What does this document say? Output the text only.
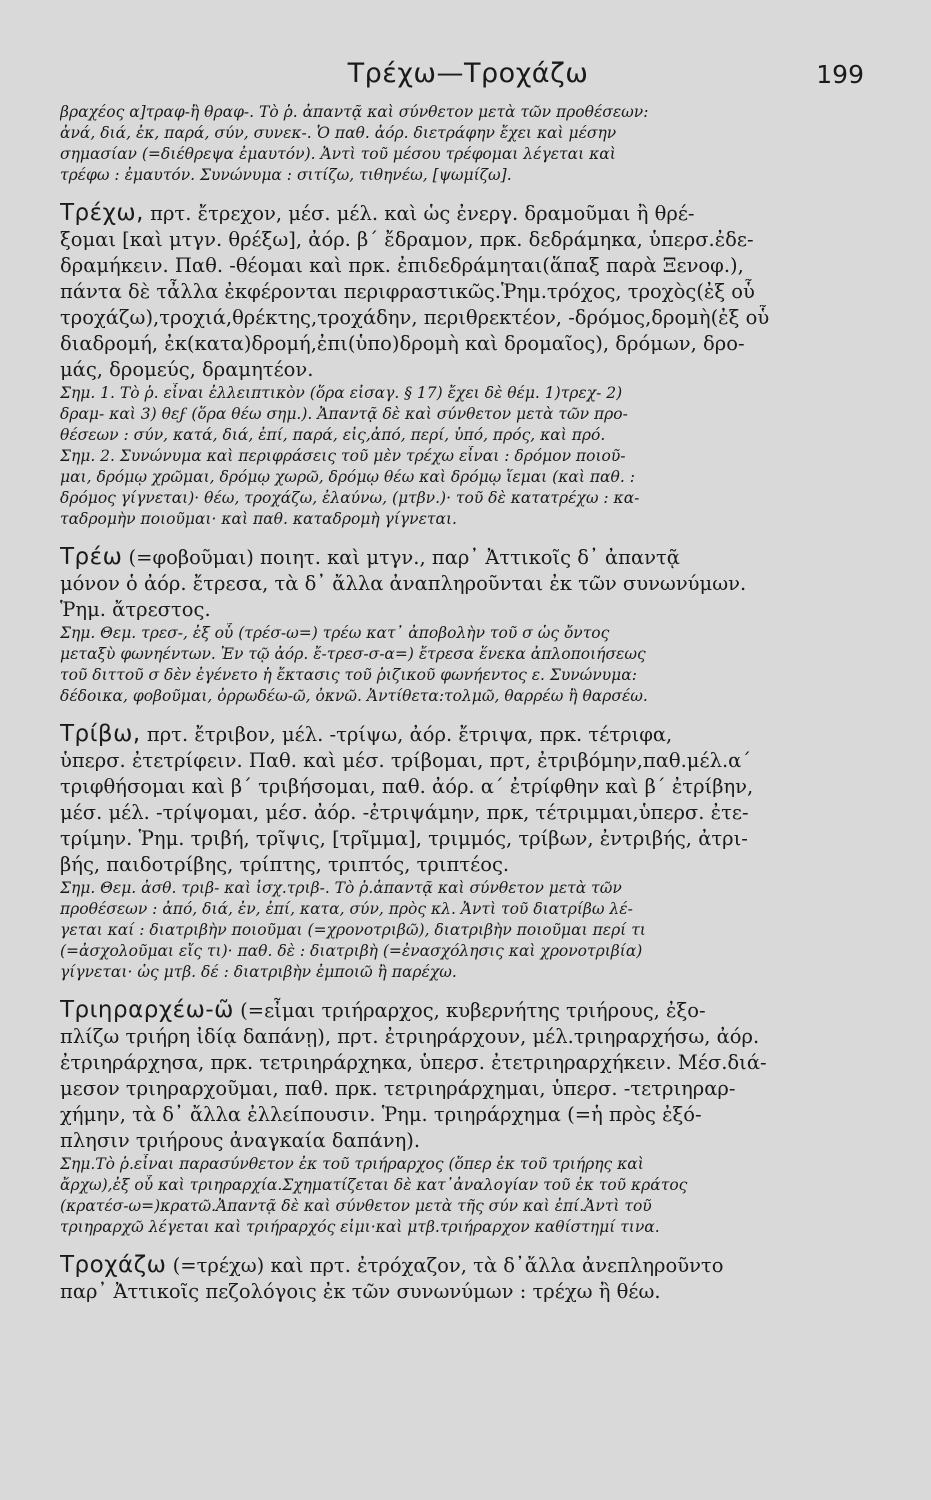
Τρέχω—Τροχάζω	199
βραχέος α]τραφ-ἢ θραφ-. Τὸ ῥ. ἀπαντᾷ καὶ σύνθετον μετὰ τῶν προθέσεων:
ἀνά, διά, ἐκ, παρά, σύν, συνεκ-. Ὁ παθ. ἀόρ. διετράφην ἔχει καὶ μέσην
σημασίαν (=διέθρεψα ἐμαυτόν). Ἀντὶ τοῦ μέσου τρέφομαι λέγεται καὶ
τρέφω : ἐμαυτόν. Συνώνυμα : σιτίζω, τιθηνέω, [ψωμίζω].
Τρέχω, πρτ. ἔτρεχον, μέσ. μέλ. καὶ ὡς ἐνεργ. δραμοῦμαι ἢ θρέ-
ξομαι [καὶ μτγν. θρέξω], ἀόρ. β΄ ἔδραμον, πρκ. δεδράμηκα, ὑπερσ.ἐδε-
δραμήκειν. Παθ. -θέομαι καὶ πρκ. ἐπιδεδράμηται(ἅπαξ παρὰ Ξενοφ.),
πάντα δὲ τἆλλα ἐκφέρονται περιφραστικῶς.Ῥημ.τρόχος, τροχὸς(ἐξ οὗ
τροχάζω),τροχιά,θρέκτης,τροχάδην, περιθρεκτέον, -δρόμος,δρομὴ(ἐξ οὗ
διαδρομή, ἐκ(κατα)δρομή,ἐπι(ὑπο)δρομὴ καὶ δρομαῖος), δρόμων, δρο-
μάς, δρομεύς, δραμητέον.
Σημ. 1. Τὸ ῥ. εἶναι ἐλλειπτικὸν (ὅρα εἰσαγ. § 17) ἔχει δὲ θέμ. 1)τρεχ- 2)
δραμ- καὶ 3) θεϝ (ὅρα θέω σημ.). Ἀπαντᾷ δὲ καὶ σύνθετον μετὰ τῶν προ-
θέσεων : σύν, κατά, διά, ἐπί, παρά, εἰς,ἀπό, περί, ὑπό, πρός, καὶ πρό.
Σημ. 2. Συνώνυμα καὶ περιφράσεις τοῦ μὲν τρέχω εἶναι : δρόμον ποιοῦ-
μαι, δρόμῳ χρῶμαι, δρόμῳ χωρῶ, δρόμῳ θέω καὶ δρόμῳ ἵεμαι (καὶ παθ. :
δρόμος γίγνεται)· θέω, τροχάζω, ἐλαύνω, (μτβν.)· τοῦ δὲ κατατρέχω : κα-
ταδρομὴν ποιοῦμαι· καὶ παθ. καταδρομὴ γίγνεται.
Τρέω (=φοβοῦμαι) ποιητ. καὶ μτγν., παρ᾿ Ἀττικοῖς δ᾿ ἀπαντᾷ
μόνον ὁ ἀόρ. ἔτρεσα, τὰ δ᾿ ἄλλα ἀναπληροῦνται ἐκ τῶν συνωνύμων.
Ῥημ. ἄτρεστος.
Σημ. Θεμ. τρεσ-, ἐξ οὗ (τρέσ-ω=) τρέω κατ᾿ ἀποβολὴν τοῦ σ ὡς ὄντος
μεταξὺ φωνηέντων. Ἐν τῷ ἀόρ. ἔ-τρεσ-σ-α=) ἔτρεσα ἕνεκα ἀπλοποιήσεως
τοῦ διττοῦ σ δὲν ἐγένετο ἡ ἔκτασις τοῦ ῥιζικοῦ φωνήεντος ε. Συνώνυμα:
δέδοικα, φοβοῦμαι, ὀρρωδέω-ῶ, ὀκνῶ. Ἀντίθετα:τολμῶ, θαρρέω ἢ θαρσέω.
Τρίβω, πρτ. ἔτριβον, μέλ. -τρίψω, ἀόρ. ἔτριψα, πρκ. τέτριφα,
ὑπερσ. ἐτετρίφειν. Παθ. καὶ μέσ. τρίβομαι, πρτ, ἐτριβόμην,παθ.μέλ.α΄
τριφθήσομαι καὶ β΄ τριβήσομαι, παθ. ἀόρ. α΄ ἐτρίφθην καὶ β΄ ἐτρίβην,
μέσ. μέλ. -τρίψομαι, μέσ. ἀόρ. -ἐτριψάμην, πρκ, τέτριμμαι,ὑπερσ. ἐτε-
τρίμην. Ῥημ. τριβή, τρῖψις, [τρῖμμα], τριμμός, τρίβων, ἐντριβής, ἀτρι-
βής, παιδοτρίβης, τρίπτης, τριπτός, τριπτέος.
Σημ. Θεμ. ἀσθ. τριβ- καὶ ἰσχ.τριβ-. Τὸ ῥ.ἀπαντᾷ καὶ σύνθετον μετὰ τῶν
προθέσεων : ἀπό, διά, ἐν, ἐπί, κατα, σύν, πρὸς κλ. Ἀντὶ τοῦ διατρίβω λέ-
γεται καί : διατριβὴν ποιοῦμαι (=χρονοτριβῶ), διατριβὴν ποιοῦμαι περί τι
(=ἀσχολοῦμαι εἴς τι)· παθ. δὲ : διατριβὴ (=ἐνασχόλησις καὶ χρονοτριβία)
γίγνεται· ὡς μτβ. δέ : διατριβὴν ἐμποιῶ ἢ παρέχω.
Τριηραρχέω-ῶ (=εἶμαι τριήραρχος, κυβερνήτης τριήρους, ἐξο-
πλίζω τριήρη ἰδίᾳ δαπάνῃ), πρτ. ἐτριηράρχουν, μέλ.τριηραρχήσω, ἀόρ.
ἐτριηράρχησα, πρκ. τετριηράρχηκα, ὑπερσ. ἐτετριηραρχήκειν. Μέσ.διά-
μεσον τριηραρχοῦμαι, παθ. πρκ. τετριηράρχημαι, ὑπερσ. -τετριηραρ-
χήμην, τὰ δ᾿ ἄλλα ἐλλείπουσιν. Ῥημ. τριηράρχημα (=ἡ πρὸς ἐξό-
πλησιν τριήρους ἀναγκαία δαπάνη).
Σημ.Τὸ ῥ.εἶναι παρασύνθετον ἐκ τοῦ τριήραρχος (ὅπερ ἐκ τοῦ τριήρης καὶ
ἄρχω),ἐξ οὗ καὶ τριηραρχία.Σχηματίζεται δὲ κατ᾿ἀναλογίαν τοῦ ἐκ τοῦ κράτος
(κρατέσ-ω=)κρατῶ.Ἀπαντᾷ δὲ καὶ σύνθετον μετὰ τῆς σύν καὶ ἐπί.Ἀντὶ τοῦ
τριηραρχῶ λέγεται καὶ τριήραρχός εἰμι·καὶ μτβ.τριήραρχον καθίστημί τινα.
Τροχάζω (=τρέχω) καὶ πρτ. ἐτρόχαζον, τὰ δ᾿ἄλλα ἀνεπληροῦντο
παρ᾿ Ἀττικοῖς πεζολόγοις ἐκ τῶν συνωνύμων : τρέχω ἢ θέω.
